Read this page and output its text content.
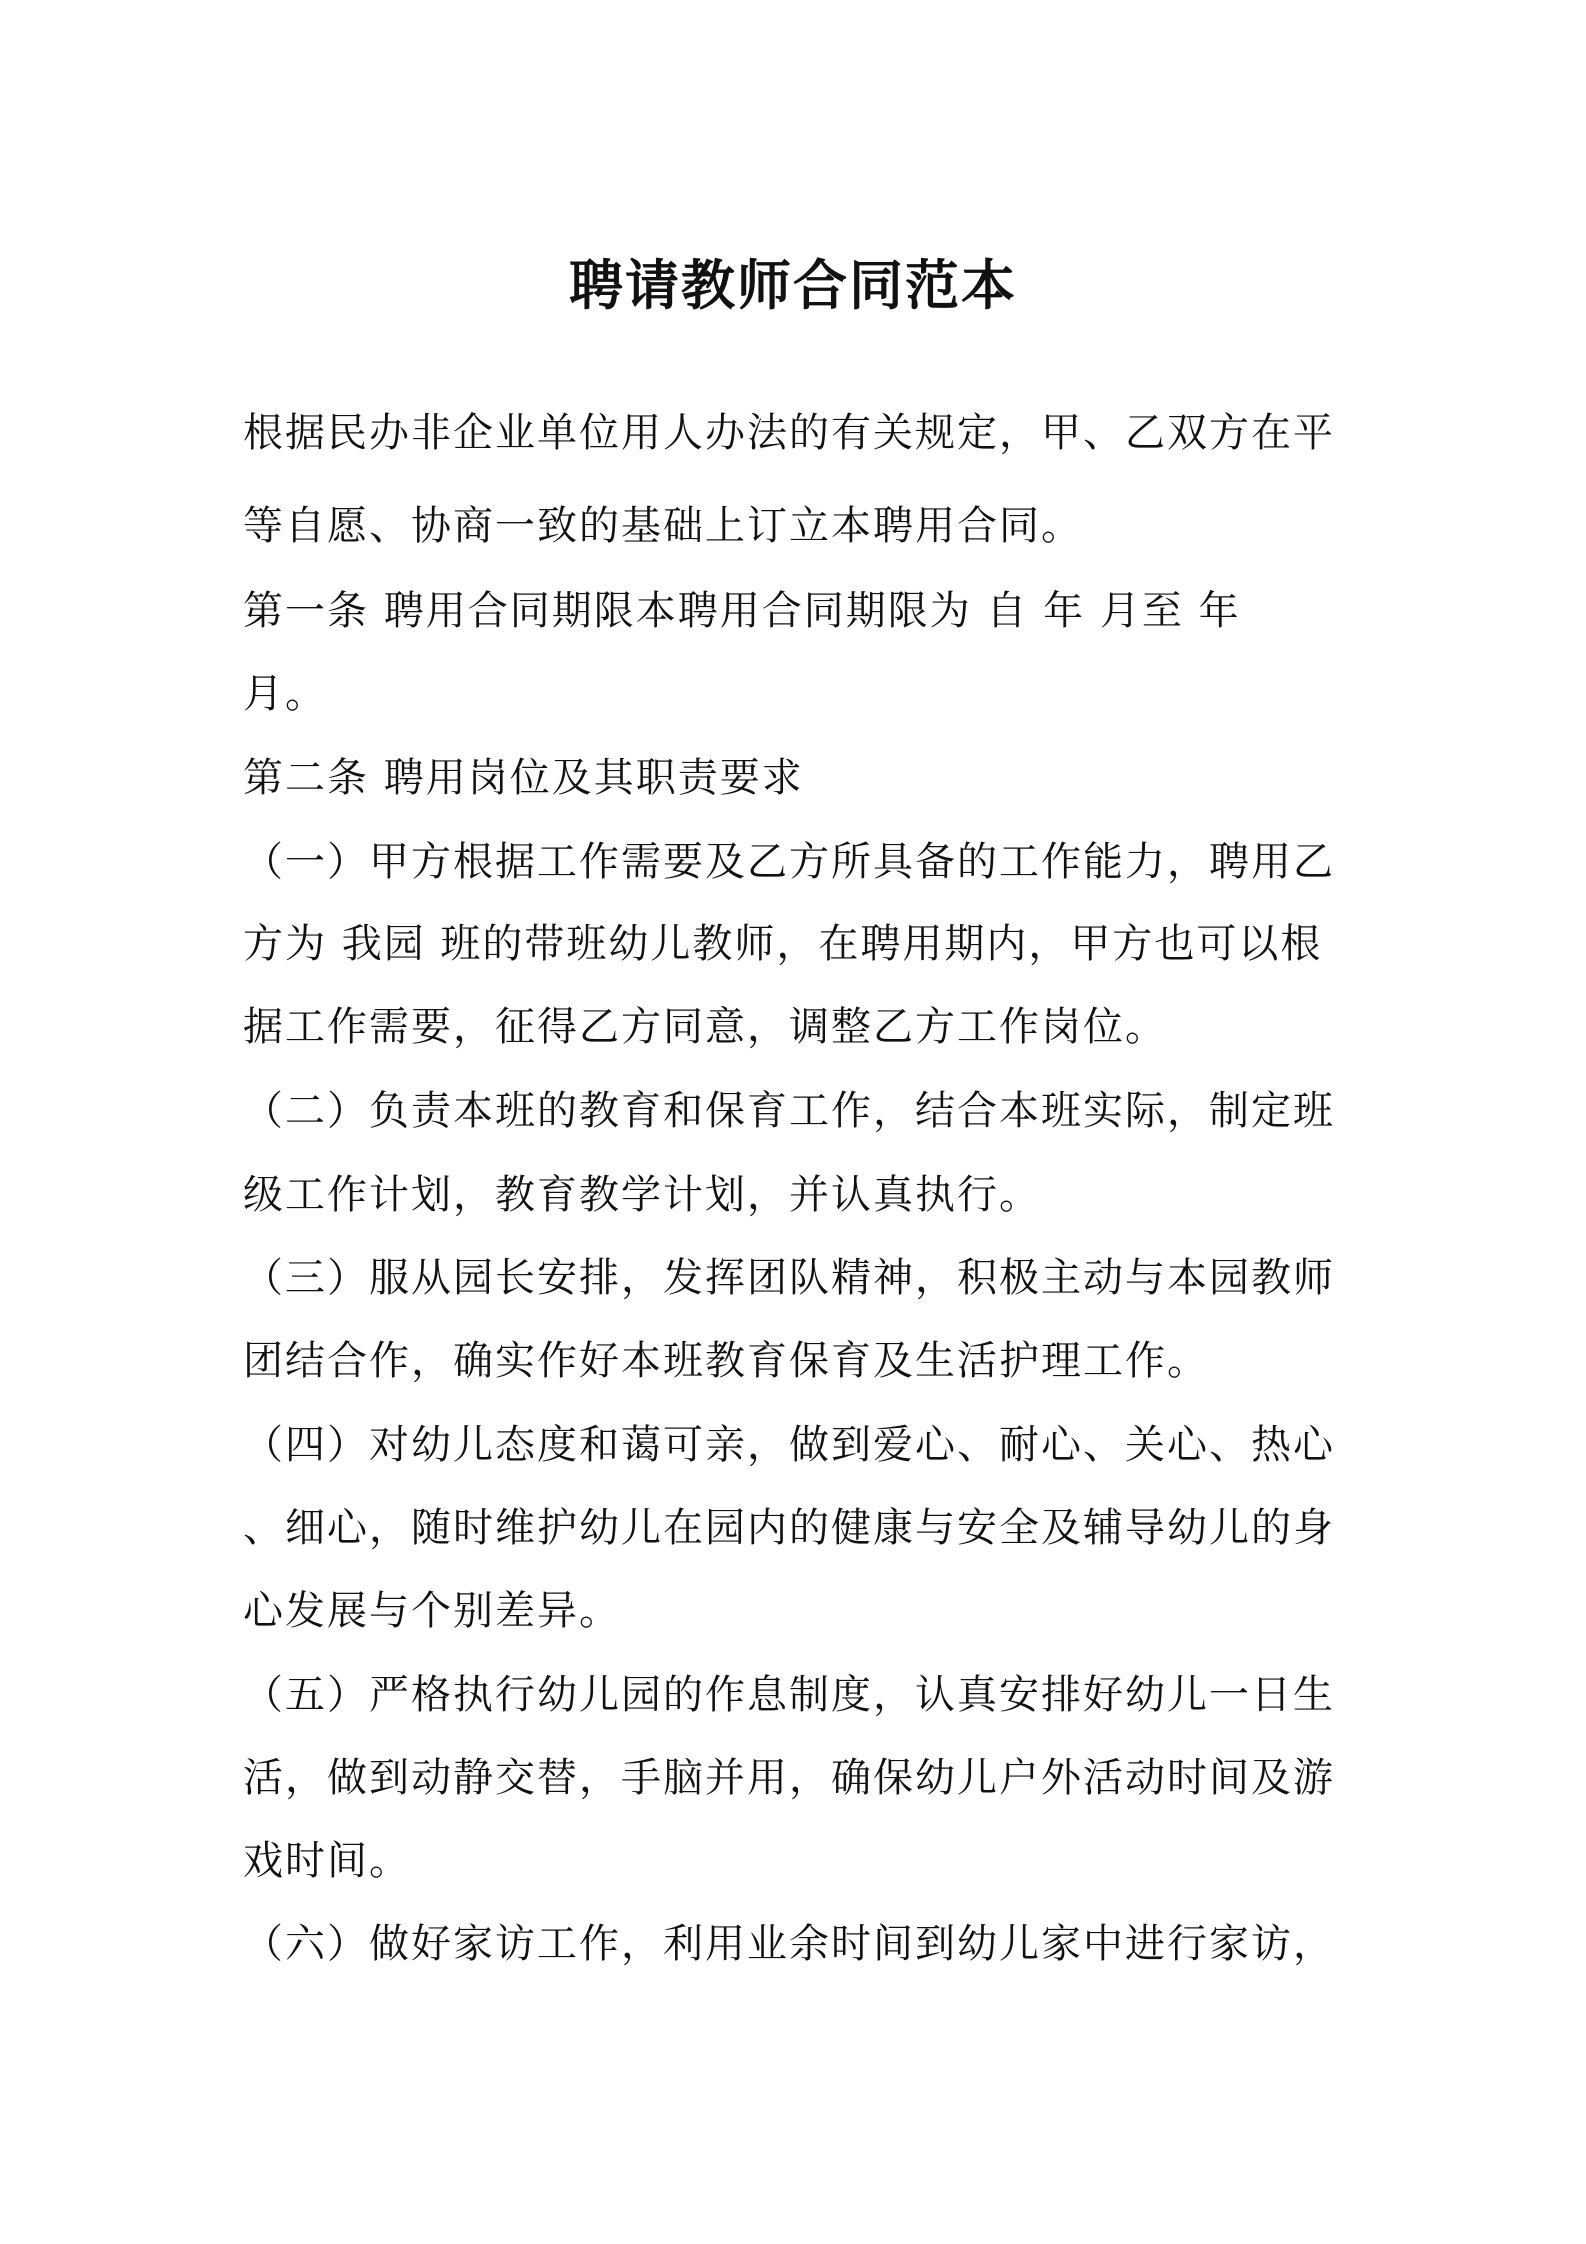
聘请教师合同范本
根据民办非企业单位用人办法的有关规定，甲、乙双方在平
等自愿、协商一致的基础上订立本聘用合同。
第一条 聘用合同期限本聘用合同期限为 自 年 月至 年
月。
第二条 聘用岗位及其职责要求
（一）甲方根据工作需要及乙方所具备的工作能力，聘用乙
方为 我园 班的带班幼儿教师，在聘用期内，甲方也可以根
据工作需要，征得乙方同意，调整乙方工作岗位。
（二）负责本班的教育和保育工作，结合本班实际，制定班
级工作计划，教育教学计划，并认真执行。
（三）服从园长安排，发挥团队精神，积极主动与本园教师
团结合作，确实作好本班教育保育及生活护理工作。
（四）对幼儿态度和蔼可亲，做到爱心、耐心、关心、热心
、细心，随时维护幼儿在园内的健康与安全及辅导幼儿的身
心发展与个别差异。
（五）严格执行幼儿园的作息制度，认真安排好幼儿一日生
活，做到动静交替，手脑并用，确保幼儿户外活动时间及游
戏时间。
（六）做好家访工作，利用业余时间到幼儿家中进行家访，
